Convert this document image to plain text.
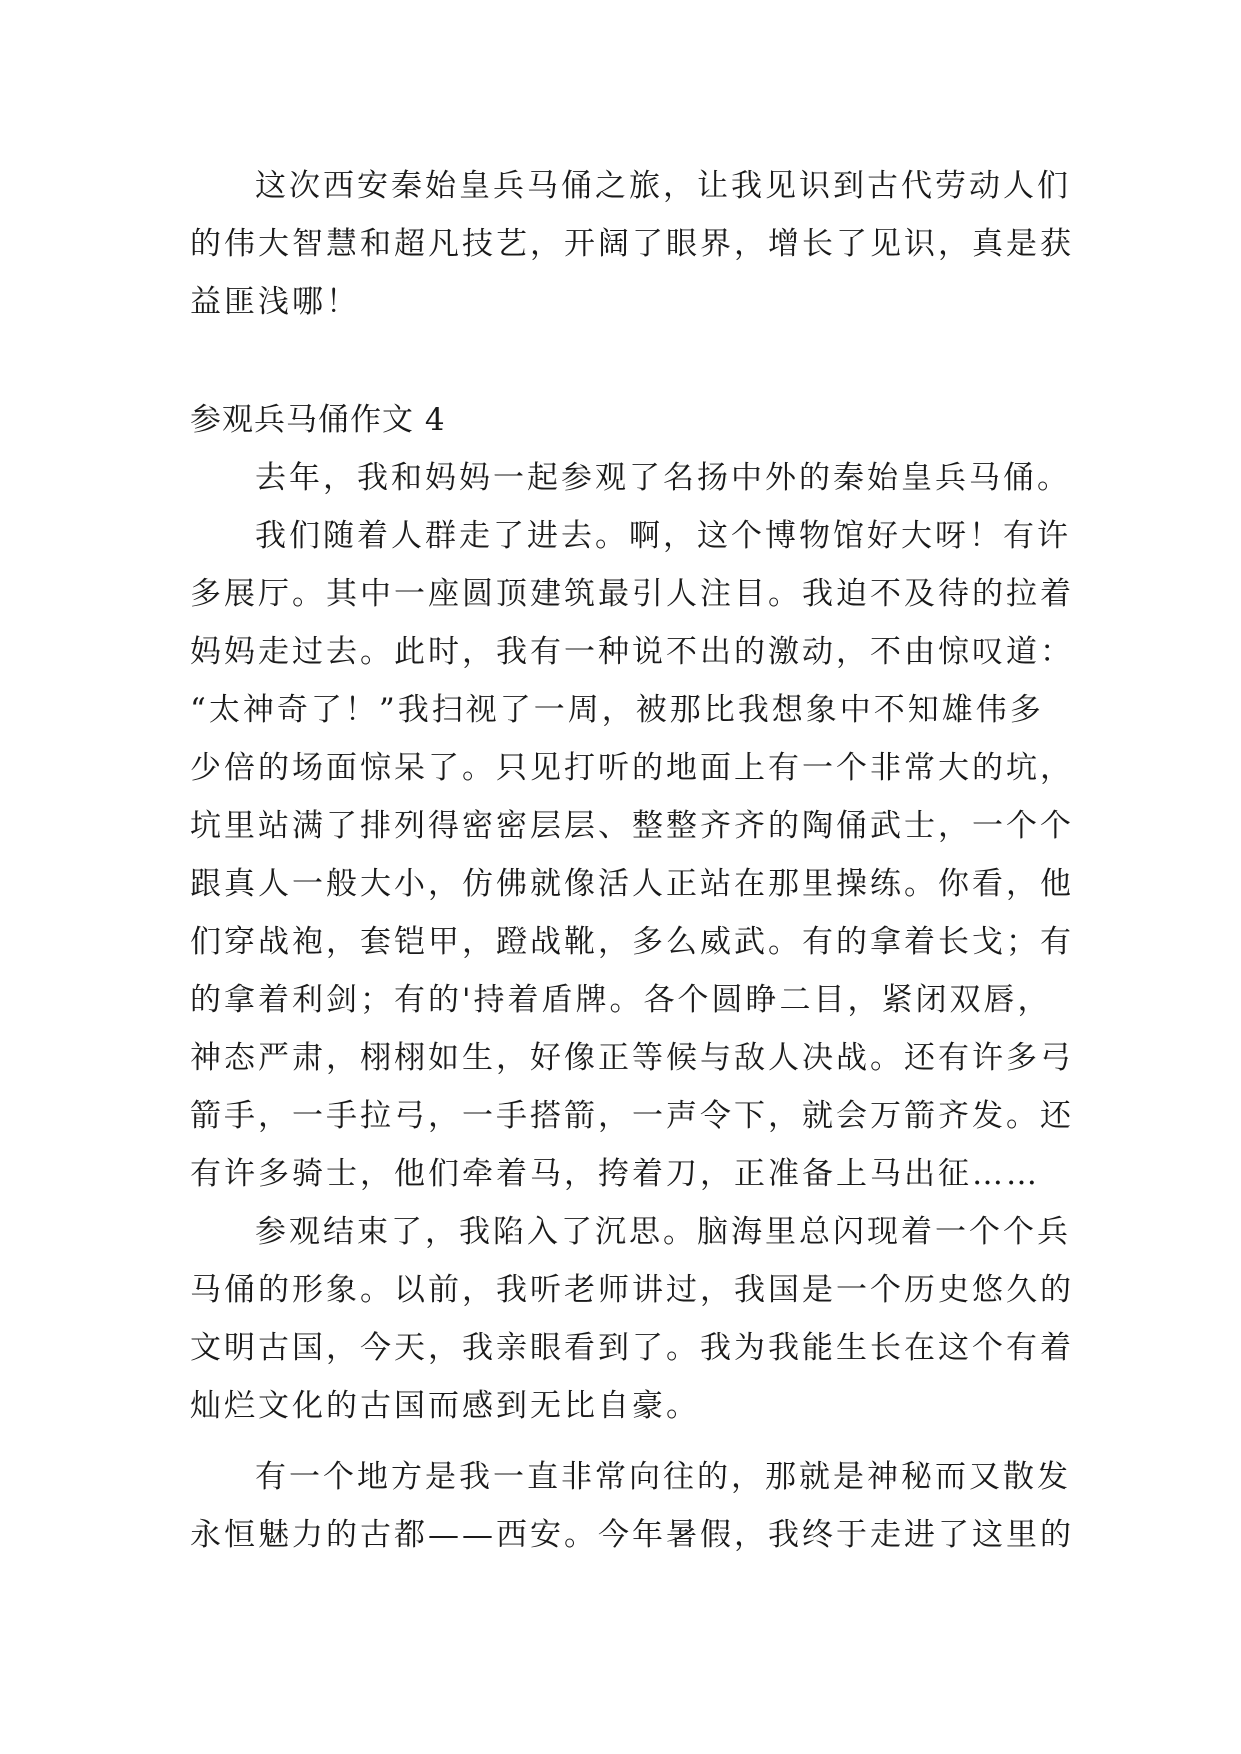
这次西安秦始皇兵马俑之旅，让我见识到古代劳动人们
的伟大智慧和超凡技艺，开阔了眼界，增长了见识，真是获
益匪浅哪！
参观兵马俑作文 4
去年，我和妈妈一起参观了名扬中外的秦始皇兵马俑。
我们随着人群走了进去。啊，这个博物馆好大呀！有许
多展厅。其中一座圆顶建筑最引人注目。我迫不及待的拉着
妈妈走过去。此时，我有一种说不出的激动，不由惊叹道：
“太神奇了！”我扫视了一周，被那比我想象中不知雄伟多
少倍的场面惊呆了。只见打听的地面上有一个非常大的坑，
坑里站满了排列得密密层层、整整齐齐的陶俑武士，一个个
跟真人一般大小，仿佛就像活人正站在那里操练。你看，他
们穿战袍，套铠甲，蹬战靴，多么威武。有的拿着长戈；有
的拿着利剑；有的'持着盾牌。各个圆睁二目，紧闭双唇，
神态严肃，栩栩如生，好像正等候与敌人决战。还有许多弓
箭手，一手拉弓，一手搭箭，一声令下，就会万箭齐发。还
有许多骑士，他们牵着马，挎着刀，正准备上马出征……
参观结束了，我陷入了沉思。脑海里总闪现着一个个兵
马俑的形象。以前，我听老师讲过，我国是一个历史悠久的
文明古国，今天，我亲眼看到了。我为我能生长在这个有着
灿烂文化的古国而感到无比自豪。
有一个地方是我一直非常向往的，那就是神秘而又散发
永恒魅力的古都——西安。今年暑假，我终于走进了这里的
